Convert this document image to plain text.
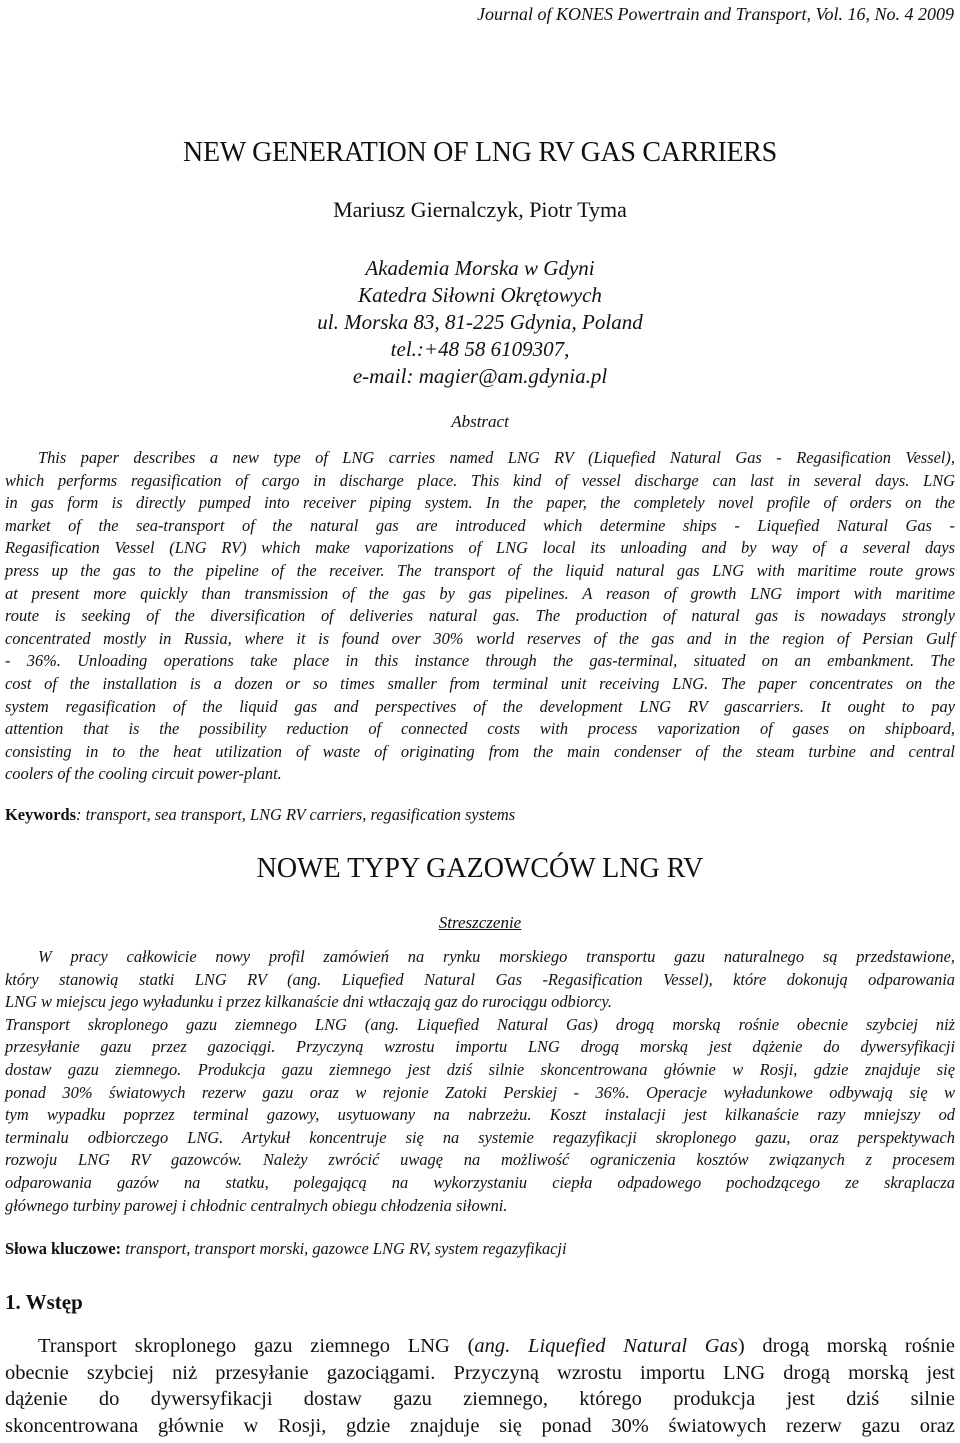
Journal of KONES Powertrain and Transport, Vol. 16, No. 4 2009
NEW GENERATION OF LNG RV GAS CARRIERS
Mariusz Giernalczyk, Piotr Tyma
Akademia Morska w Gdyni
Katedra Siłowni Okrętowych
ul. Morska 83, 81-225 Gdynia, Poland
tel.:+48 58 6109307,
e-mail: magier@am.gdynia.pl
Abstract
This paper describes a new type of LNG carries named LNG RV (Liquefied Natural Gas - Regasification Vessel),
which performs regasification of cargo in discharge place. This kind of vessel discharge can last in several days. LNG
in gas form is directly pumped into receiver piping system. In the paper, the completely novel profile of orders on the
market of the sea-transport of the natural gas are introduced which determine ships - Liquefied Natural Gas -
Regasification Vessel (LNG RV) which make vaporizations of LNG local its unloading and by way of a several days
press up the gas to the pipeline of the receiver. The transport of the liquid natural gas LNG with maritime route grows
at present more quickly than transmission of the gas by gas pipelines. A reason of growth LNG import with maritime
route is seeking of the diversification of deliveries natural gas. The production of natural gas is nowadays strongly
concentrated mostly in Russia, where it is found over 30% world reserves of the gas and in the region of Persian Gulf
- 36%. Unloading operations take place in this instance through the gas-terminal, situated on an embankment. The
cost of the installation is a dozen or so times smaller from terminal unit receiving LNG. The paper concentrates on the
system regasification of the liquid gas and perspectives of the development LNG RV gascarriers. It ought to pay
attention that is the possibility reduction of connected costs with process vaporization of gases on shipboard,
consisting in to the heat utilization of waste of originating from the main condenser of the steam turbine and central
coolers of the cooling circuit power-plant.
Keywords: transport, sea transport, LNG RV carriers, regasification systems
NOWE TYPY GAZOWCÓW LNG RV
Streszczenie
W pracy całkowicie nowy profil zamówień na rynku morskiego transportu gazu naturalnego są przedstawione,
który stanowią statki LNG RV (ang. Liquefied Natural Gas -Regasification Vessel), które dokonują odparowania
LNG w miejscu jego wyładunku i przez kilkanaście dni wtłaczają gaz do rurociągu odbiorcy.
Transport skroplonego gazu ziemnego LNG (ang. Liquefied Natural Gas) drogą morską rośnie obecnie szybciej niż
przesyłanie gazu przez gazociągi. Przyczyną wzrostu importu LNG drogą morską jest dążenie do dywersyfikacji
dostaw gazu ziemnego. Produkcja gazu ziemnego jest dziś silnie skoncentrowana głównie w Rosji, gdzie znajduje się
ponad 30% światowych rezerw gazu oraz w rejonie Zatoki Perskiej - 36%. Operacje wyładunkowe odbywają się w
tym wypadku poprzez terminal gazowy, usytuowany na nabrzeżu. Koszt instalacji jest kilkanaście razy mniejszy od
terminalu odbiorczego LNG. Artykuł koncentruje się na systemie regazyfikacji skroplonego gazu, oraz perspektywach
rozwoju LNG RV gazowców. Należy zwrócić uwagę na możliwość ograniczenia kosztów związanych z procesem
odparowania gazów na statku, polegającą na wykorzystaniu ciepła odpadowego pochodzącego ze skraplacza
głównego turbiny parowej i chłodnic centralnych obiegu chłodzenia siłowni.
Słowa kluczowe: transport, transport morski, gazowce LNG RV, system regazyfikacji
1. Wstęp
Transport skroplonego gazu ziemnego LNG (ang. Liquefied Natural Gas) drogą morską rośnie
obecnie szybciej niż przesyłanie gazociągami. Przyczyną wzrostu importu LNG drogą morską jest
dążenie do dywersyfikacji dostaw gazu ziemnego, którego produkcja jest dziś silnie
skoncentrowana głównie w Rosji, gdzie znajduje się ponad 30% światowych rezerw gazu oraz
